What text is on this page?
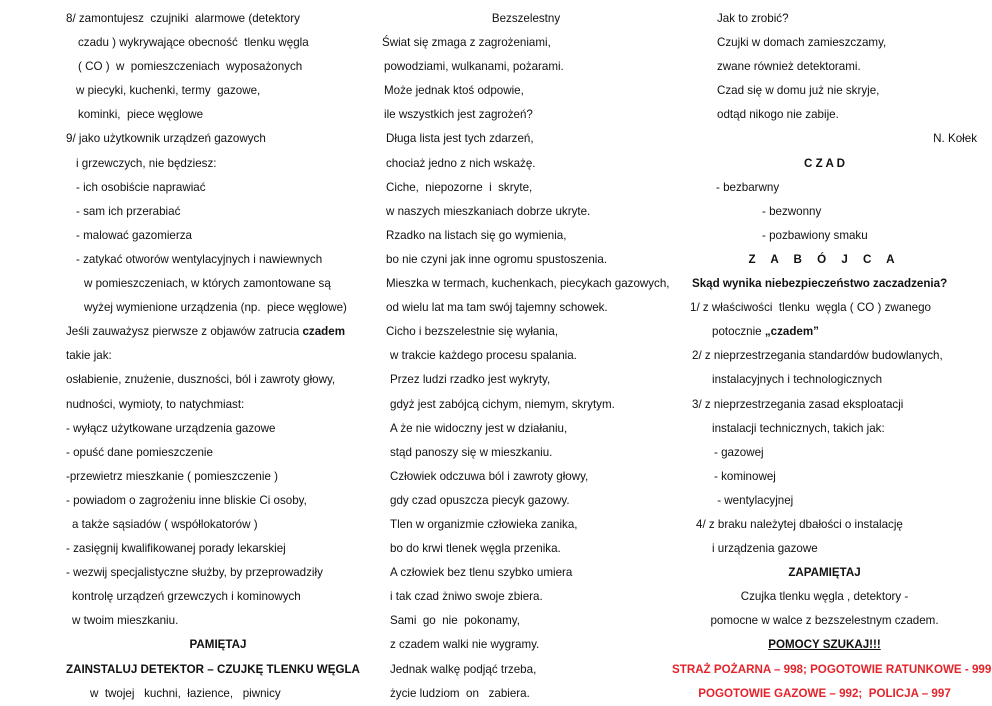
8/ zamontujesz  czujniki  alarmowe (detektory
czadu ) wykrywające obecność  tlenku węgla
( CO )  w  pomieszczeniach  wyposażonych
w piecyki, kuchenki, termy  gazowe,
kominki,  piece węglowe
9/ jako użytkownik urządzeń gazowych
i grzewczych, nie będziesz:
- ich osobiście naprawiać
- sam ich przerabiać
- malować gazomierza
- zatykać otworów wentylacyjnych i nawiewnych
w pomieszczeniach, w których zamontowane są
wyżej wymienione urządzenia (np.  piece węglowe)
Jeśli zauważysz pierwsze z objawów zatrucia czadem
takie jak:
osłabienie, znużenie, duszności, ból i zawroty głowy,
nudności, wymioty, to natychmiast:
- wyłącz użytkowane urządzenia gazowe
- opuść dane pomieszczenie
-przewietrz mieszkanie ( pomieszczenie )
- powiadom o zagrożeniu inne bliskie Ci osoby,
a także sąsiadów ( współlokatorów )
- zasięgnij kwalifikowanej porady lekarskiej
- wezwij specjalistyczne służby, by przeprowadziły
kontrolę urządzeń grzewczych i kominowych
w twoim mieszkaniu.
PAMIĘTAJ
ZAINSTALUJ DETEKTOR – CZUJKĘ TLENKU WĘGLA
w  twojej   kuchni,  łazience,   piwnicy
Bezszelestny
Świat się zmaga z zagrożeniami,
powodziami, wulkanami, pożarami.
Może jednak ktoś odpowie,
ile wszystkich jest zagrożeń?
Długa lista jest tych zdarzeń,
chociaż jedno z nich wskażę.
Ciche,  niepozorne  i  skryte,
w naszych mieszkaniach dobrze ukryte.
Rzadko na listach się go wymienia,
bo nie czyni jak inne ogromu spustoszenia.
Mieszka w termach, kuchenkach, piecykach gazowych,
od wielu lat ma tam swój tajemny schowek.
Cicho i bezszelestnie się wyłania,
w trakcie każdego procesu spalania.
Przez ludzi rzadko jest wykryty,
gdyż jest zabójcą cichym, niemym, skrytym.
A że nie widoczny jest w działaniu,
stąd panoszy się w mieszkaniu.
Człowiek odczuwa ból i zawroty głowy,
gdy czad opuszcza piecyk gazowy.
Tlen w organizmie człowieka zanika,
bo do krwi tlenek węgla przenika.
A człowiek bez tlenu szybko umiera
i tak czad żniwo swoje zbiera.
Sami  go  nie  pokonamy,
z czadem walki nie wygramy.
Jednak walkę podjąć trzeba,
życie ludziom  on   zabiera.
Jak to zrobić?
Czujki w domach zamieszczamy,
zwane również detektorami.
Czad się w domu już nie skryje,
odtąd nikogo nie zabije.
N. Kołek
C Z A D
- bezbarwny
- bezwonny
- pozbawiony smaku
Z A B Ó J C A
Skąd wynika niebezpieczeństwo zaczadzenia?
1/ z właściwości  tlenku  węgla ( CO ) zwanego
potocznie „czadem”
2/ z nieprzestrzegania standardów budowlanych,
instalacyjnych i technologicznych
3/ z nieprzestrzegania zasad eksploatacji
instalacji technicznych, takich jak:
- gazowej
- kominowej
- wentylacyjnej
4/ z braku należytej dbałości o instalację
i urządzenia gazowe
ZAPAMIĘTAJ
Czujka tlenku węgla , detektory -
pomocne w walce z bezszelestnym czadem.
POMOCY SZUKAJ!!!
STRAŻ POŻARNA – 998; POGOTOWIE RATUNKOWE - 999
POGOTOWIE GAZOWE – 992;  POLICJA – 997
